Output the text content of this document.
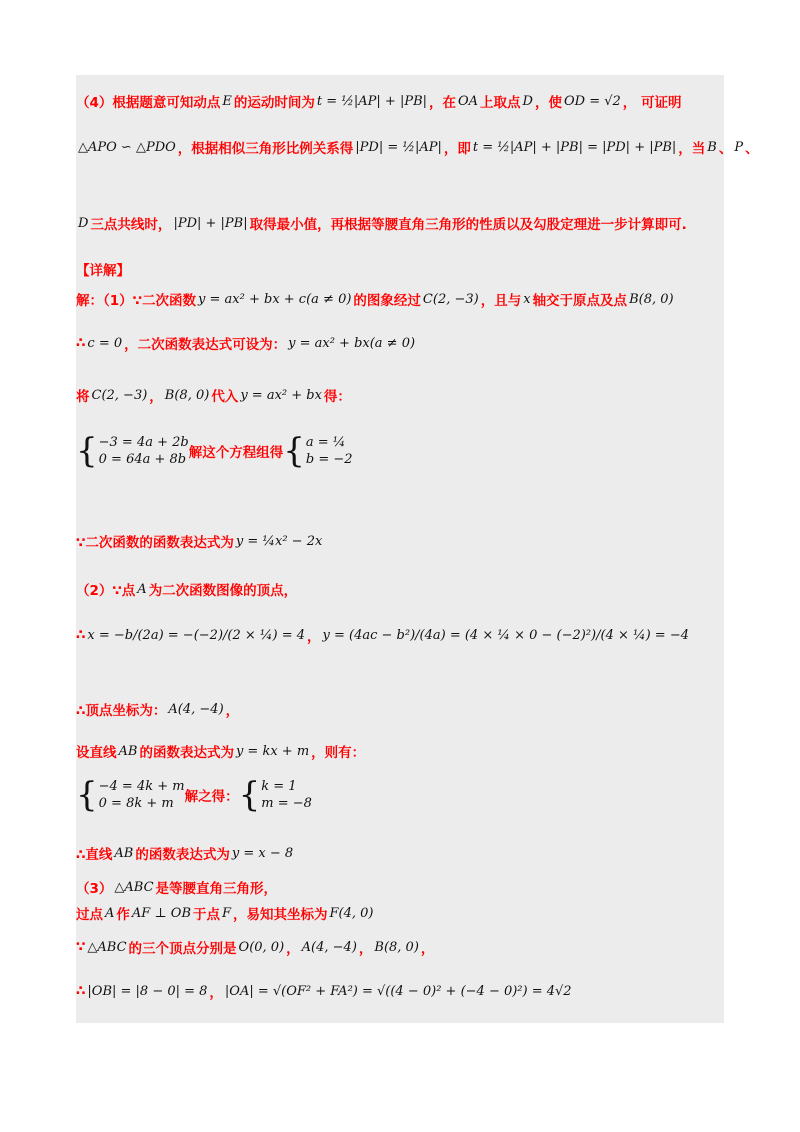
（4）根据题意可知动点 E 的运动时间为 t = ½|AP| + |PB| ，在 OA 上取点 D ，使 OD = √2 ， 可证明
△APO ∽ △PDO ，根据相似三角形比例关系得 |PD| = ½|AP| ，即 t = ½|AP| + |PB| = |PD| + |PB| ，当 B 、 P 、
D 三点共线时， |PD| + |PB| 取得最小值，再根据等腰直角三角形的性质以及勾股定理进一步计算即可.
【详解】
解：（1）∵二次函数 y = ax² + bx + c(a ≠ 0) 的图象经过 C(2, −3) ，且与 x 轴交于原点及点 B(8, 0)
∴ c = 0 ，二次函数表达式可设为： y = ax² + bx(a ≠ 0)
将 C(2, −3) ， B(8, 0) 代入 y = ax² + bx 得：
{ −3 = 4a + 2b
0 = 64a + 8b 解这个方程组得 { a = ¼
b = −2
∵二次函数的函数表达式为 y = ¼x² − 2x
（2）∵点 A 为二次函数图像的顶点，
∴ x = −b/(2a) = −(−2)/(2 × ¼) = 4 ， y = (4ac − b²)/(4a) = (4 × ¼ × 0 − (−2)²)/(4 × ¼) = −4
∴顶点坐标为： A(4, −4) ，
设直线 AB 的函数表达式为 y = kx + m ，则有：
{ −4 = 4k + m
0 = 8k + m 解之得： { k = 1
m = −8
∴直线 AB 的函数表达式为 y = x − 8
（3） △ABC 是等腰直角三角形，
过点 A 作 AF ⊥ OB 于点 F ，易知其坐标为 F(4, 0)
∵ △ABC 的三个顶点分别是 O(0, 0) ， A(4, −4) ， B(8, 0) ，
∴ |OB| = |8 − 0| = 8 ， |OA| = √(OF² + FA²) = √((4 − 0)² + (−4 − 0)²) = 4√2
